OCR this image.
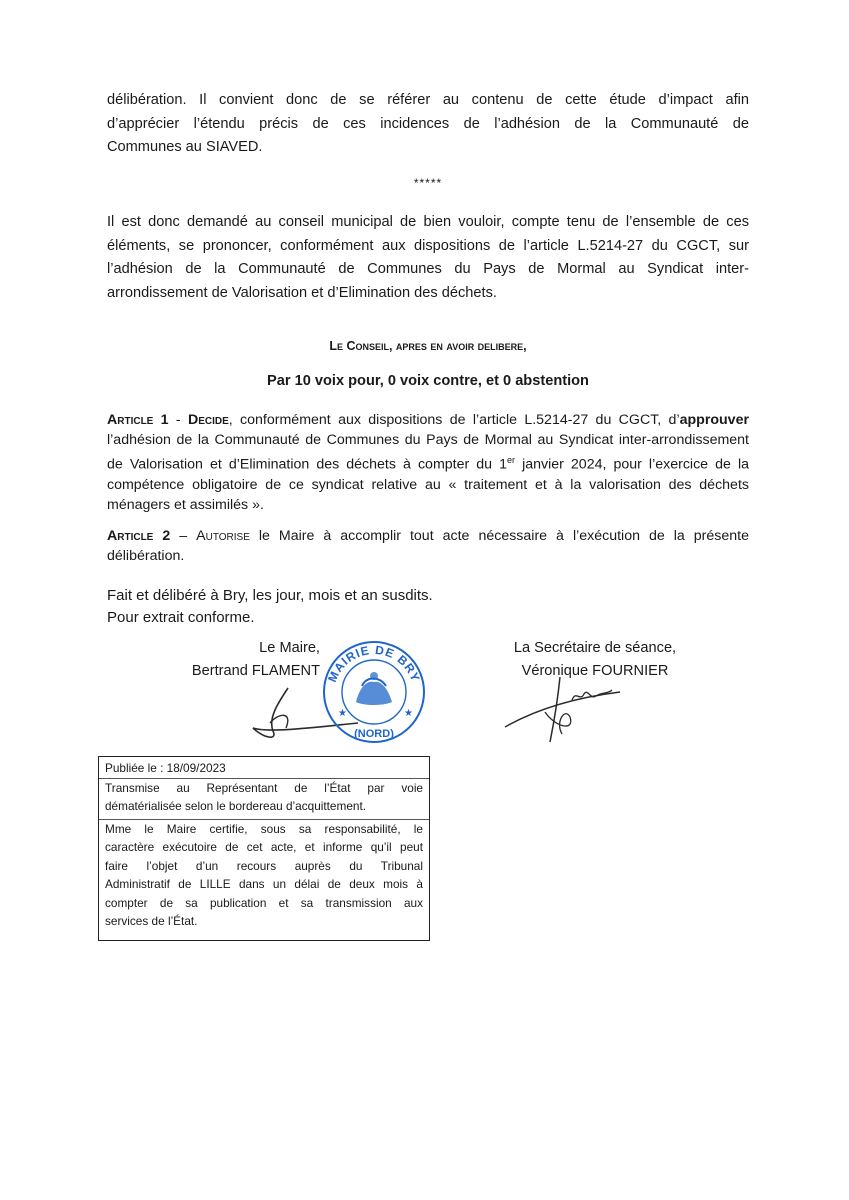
délibération. Il convient donc de se référer au contenu de cette étude d’impact afin
d’apprécier l’étendu précis de ces incidences de l’adhésion de la Communauté de
Communes au SIAVED.
*****
Il est donc demandé au conseil municipal de bien vouloir, compte tenu de l’ensemble de ces
éléments, se prononcer, conformément aux dispositions de l’article L.5214-27 du CGCT, sur
l’adhésion de la Communauté de Communes du Pays de Mormal au Syndicat inter-
arrondissement de Valorisation et d’Elimination des déchets.
Le Conseil, apres en avoir delibere,
Par 10 voix pour, 0 voix contre, et 0 abstention
Article 1 - Decide, conformément aux dispositions de l’article L.5214-27 du CGCT, d’approuver
l’adhésion de la Communauté de Communes du Pays de Mormal au Syndicat inter-arrondissement
de Valorisation et d’Elimination des déchets à compter du 1er janvier 2024, pour l’exercice de la
compétence obligatoire de ce syndicat relative au « traitement et à la valorisation des déchets
ménagers et assimilés ».
Article 2 – Autorise le Maire à accomplir tout acte nécessaire à l’exécution de la présente
délibération.
Fait et délibéré à Bry, les jour, mois et an susdits.
Pour extrait conforme.
Le Maire,
Bertrand FLAMENT MAIRIE DE BRY
★	★
(NORD)
La Secrétaire de séance,
Véronique FOURNIER
Publiée le : 18/09/2023
Transmise au Représentant de l’État par voie
dématérialisée selon le bordereau d’acquittement.
Mme le Maire certifie, sous sa responsabilité, le
caractère exécutoire de cet acte, et informe qu’il peut
faire l’objet d’un recours auprès du Tribunal
Administratif de LILLE dans un délai de deux mois à
compter de sa publication et sa transmission aux
services de l’État.
